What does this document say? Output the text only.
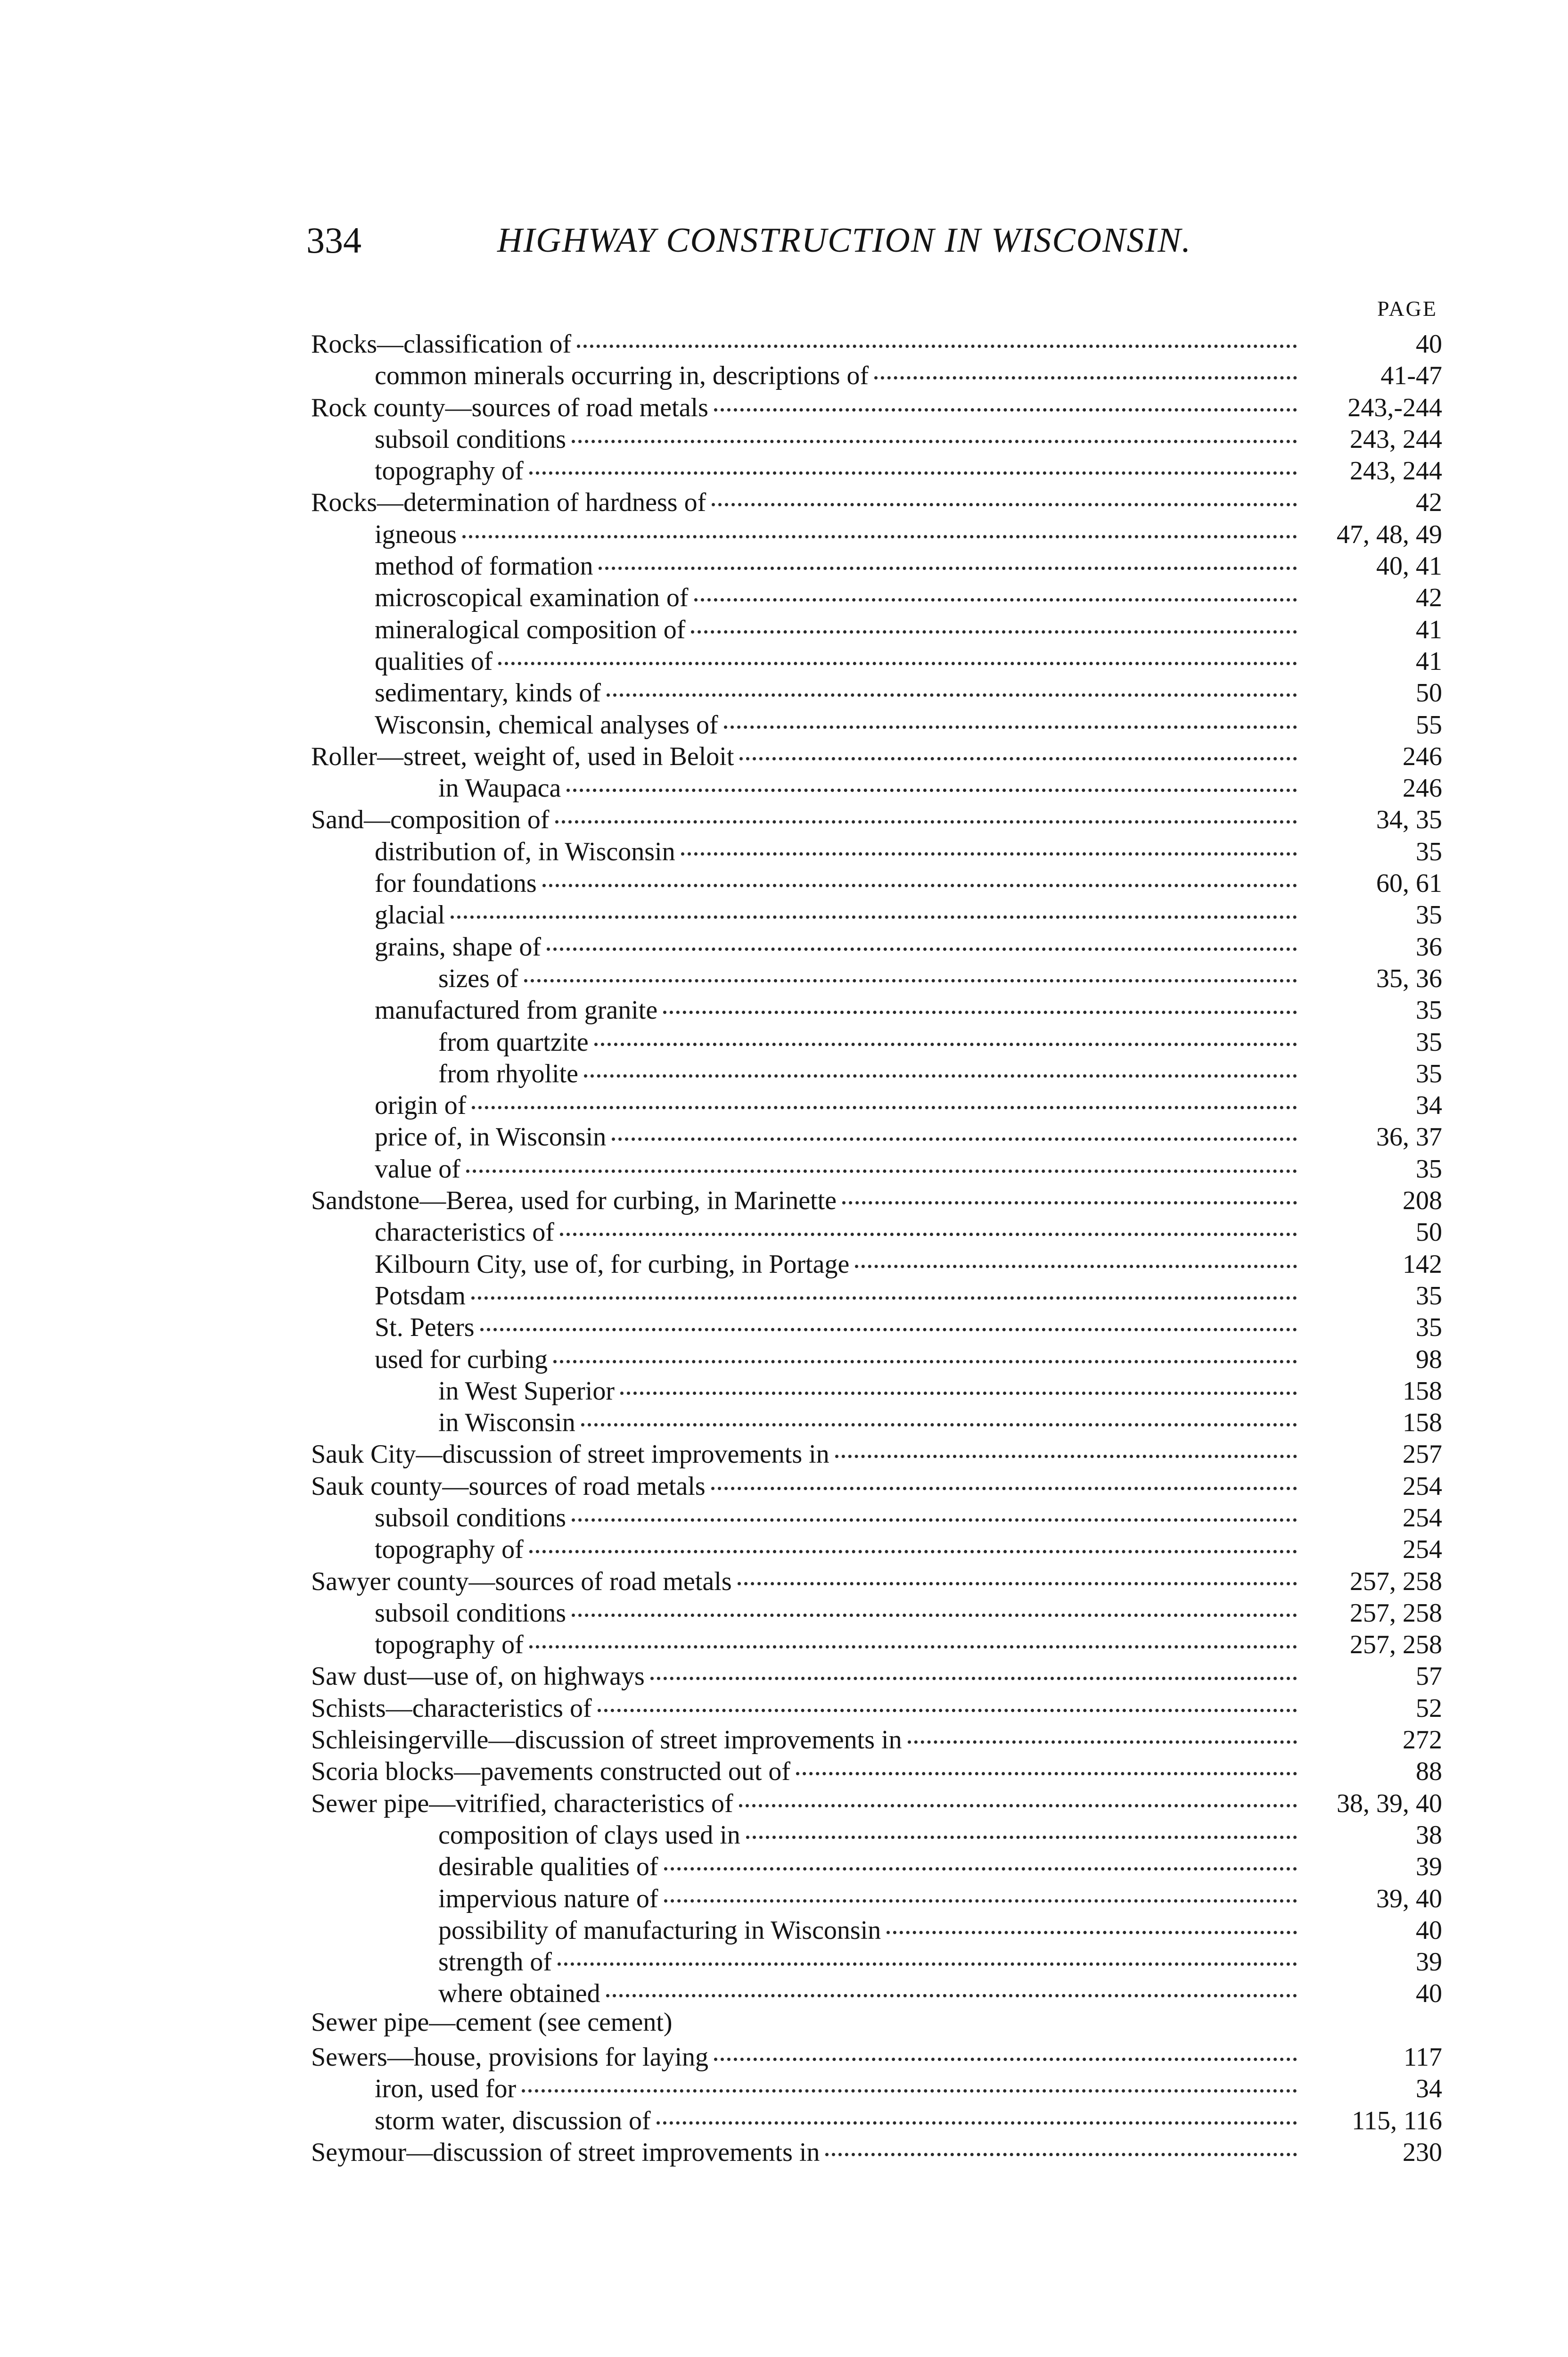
334	HIGHWAY CONSTRUCTION IN WISCONSIN.
PAGE
Rocks—classification of	40
common minerals occurring in, descriptions of	41-47
Rock county—sources of road metals	243,-244
subsoil conditions	243, 244
topography of	243, 244
Rocks—determination of hardness of	42
igneous	47, 48, 49
method of formation	40, 41
microscopical examination of	42
mineralogical composition of	41
qualities of	41
sedimentary, kinds of	50
Wisconsin, chemical analyses of	55
Roller—street, weight of, used in Beloit	246
in Waupaca	246
Sand—composition of	34, 35
distribution of, in Wisconsin	35
for foundations	60, 61
glacial	35
grains, shape of	36
sizes of	35, 36
manufactured from granite	35
from quartzite	35
from rhyolite	35
origin of	34
price of, in Wisconsin	36, 37
value of	35
Sandstone—Berea, used for curbing, in Marinette	208
characteristics of	50
Kilbourn City, use of, for curbing, in Portage	142
Potsdam	35
St. Peters	35
used for curbing	98
in West Superior	158
in Wisconsin	158
Sauk City—discussion of street improvements in	257
Sauk county—sources of road metals	254
subsoil conditions	254
topography of	254
Sawyer county—sources of road metals	257, 258
subsoil conditions	257, 258
topography of	257, 258
Saw dust—use of, on highways	57
Schists—characteristics of	52
Schleisingerville—discussion of street improvements in	272
Scoria blocks—pavements constructed out of	88
Sewer pipe—vitrified, characteristics of	38, 39, 40
composition of clays used in	38
desirable qualities of	39
impervious nature of	39, 40
possibility of manufacturing in Wisconsin	40
strength of	39
where obtained	40
Sewer pipe—cement (see cement)
Sewers—house, provisions for laying	117
iron, used for	34
storm water, discussion of	115, 116
Seymour—discussion of street improvements in	230
